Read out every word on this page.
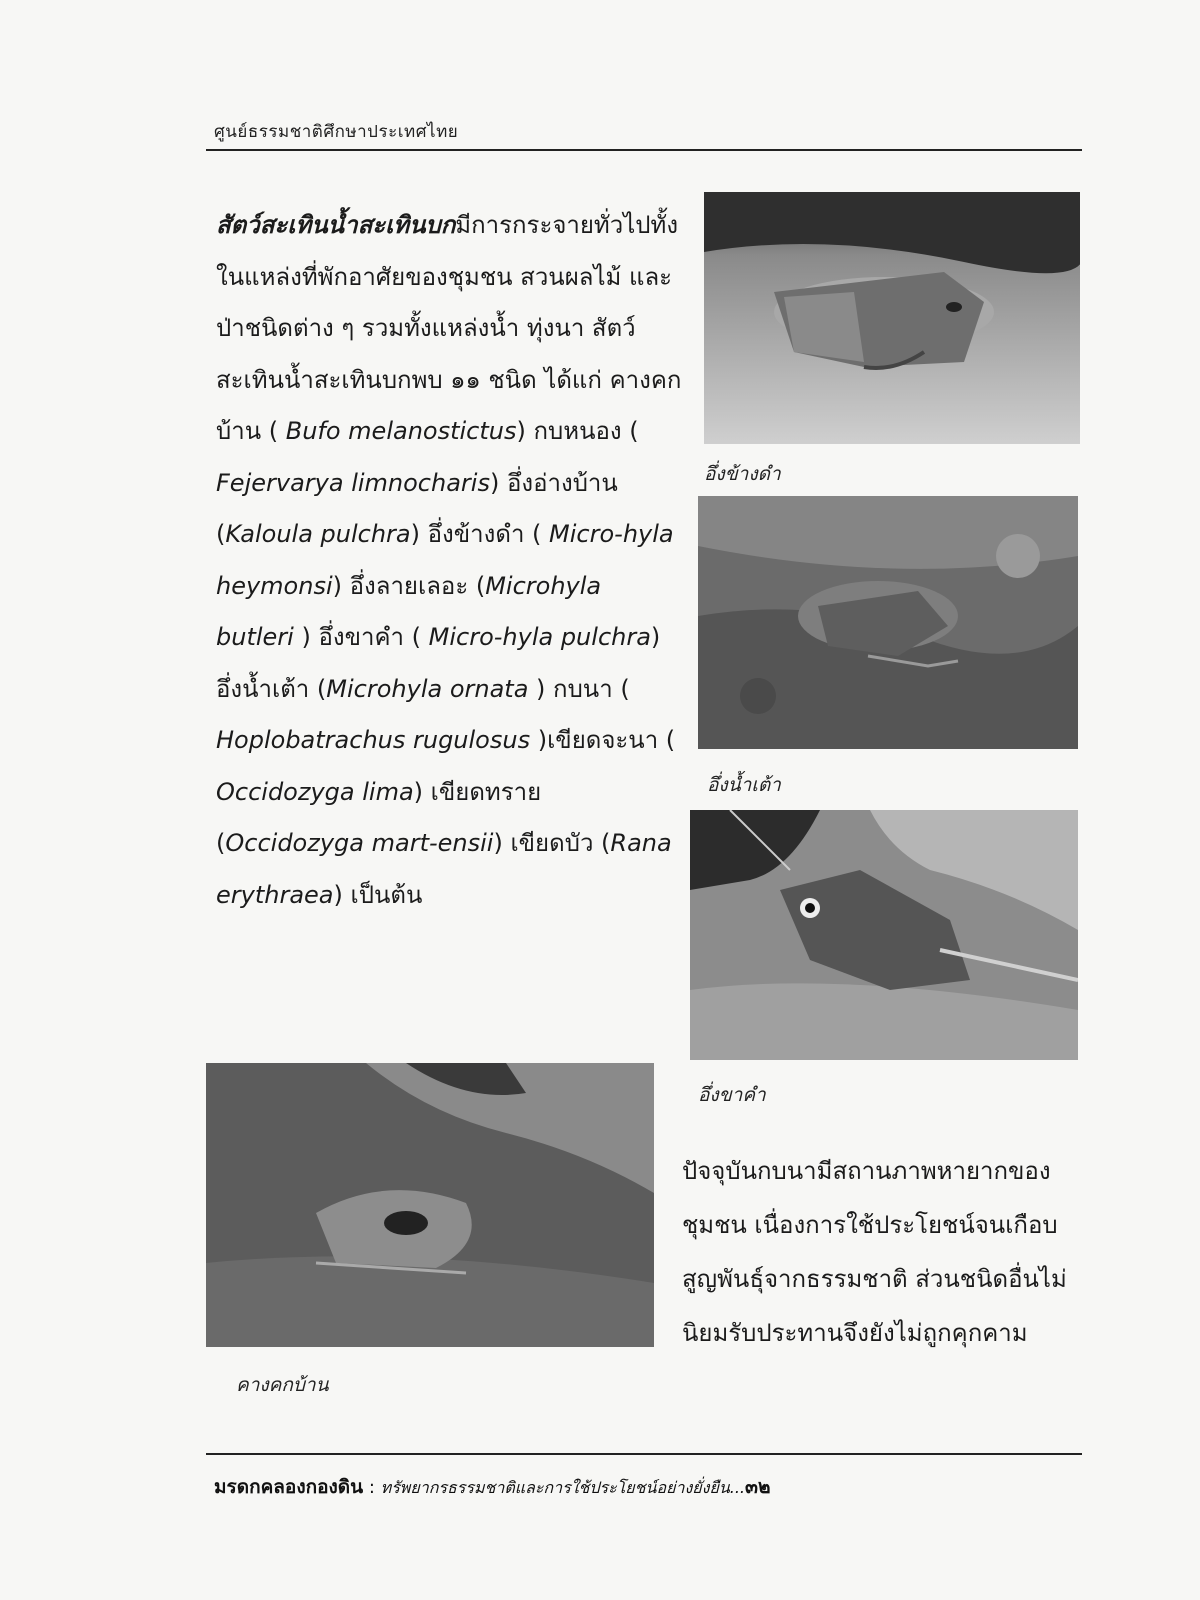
ศูนย์ธรรมชาติศึกษาประเทศไทย

สัตว์สะเทินน้ำสะเทินบกมีการกระจายทั่วไปทั้งในแหล่งที่พักอาศัยของชุมชน สวนผลไม้ และป่าชนิดต่าง ๆ รวมทั้งแหล่งน้ำ ทุ่งนา สัตว์สะเทินน้ำสะเทินบกพบ ๑๑ ชนิด ได้แก่ คางคกบ้าน ( Bufo melanostictus) กบหนอง ( Fejervarya limnocharis) อึ่งอ่างบ้าน (Kaloula pulchra) อึ่งข้างดำ ( Micro-hyla heymonsi) อึ่งลายเลอะ (Microhyla butleri ) อึ่งขาคำ ( Micro-hyla pulchra) อึ่งน้ำเต้า (Microhyla ornata ) กบนา ( Hoplobatrachus rugulosus )เขียดจะนา ( Occidozyga lima) เขียดทราย (Occidozyga mart-ensii) เขียดบัว (Rana erythraea) เป็นต้น

อึ่งข้างดำ
อึ่งน้ำเต้า
อึ่งขาคำ
คางคกบ้าน

ปัจจุบันกบนามีสถานภาพหายากของชุมชน เนื่องการใช้ประโยชน์จนเกือบสูญพันธุ์จากธรรมชาติ ส่วนชนิดอื่นไม่นิยมรับประทานจึงยังไม่ถูกคุกคาม

มรดกคลองกองดิน : ทรัพยากรธรรมชาติและการใช้ประโยชน์อย่างยั่งยืน...๓๒
